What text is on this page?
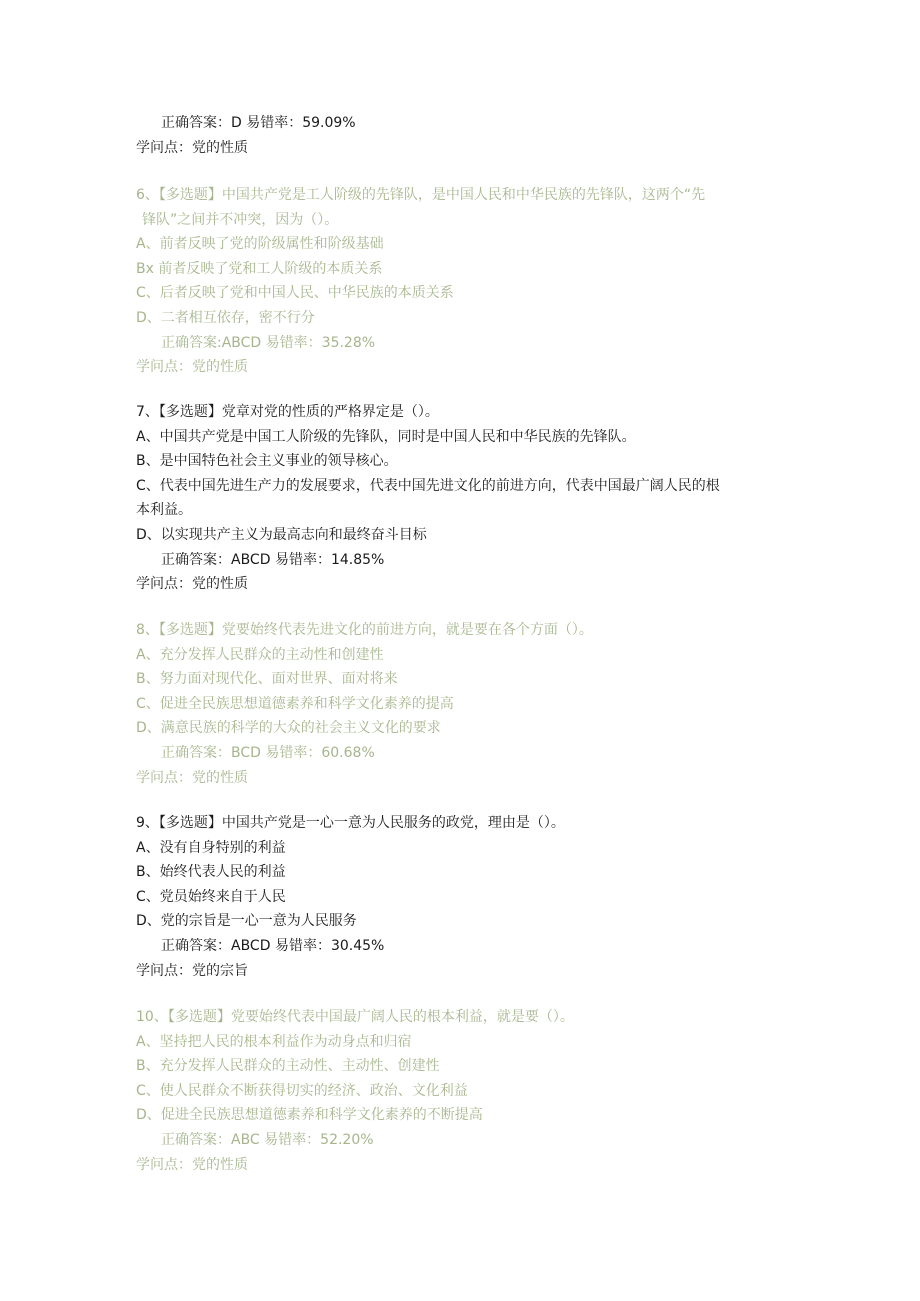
正确答案：D 易错率：59.09%
学问点：党的性质
6、【多选题】中国共产党是工人阶级的先锋队，是中国人民和中华民族的先锋队，这两个“先
锋队”之间并不冲突，因为（）。
A、前者反映了党的阶级属性和阶级基础
Bx 前者反映了党和工人阶级的本质关系
C、后者反映了党和中国人民、中华民族的本质关系
D、二者相互依存，密不行分
正确答案:ABCD 易错率：35.28%
学问点：党的性质
7、【多选题】党章对党的性质的严格界定是（）。
A、中国共产党是中国工人阶级的先锋队，同时是中国人民和中华民族的先锋队。
B、是中国特色社会主义事业的领导核心。
C、代表中国先进生产力的发展要求，代表中国先进文化的前进方向，代表中国最广阔人民的根
本利益。
D、以实现共产主义为最高志向和最终奋斗目标
正确答案：ABCD 易错率：14.85%
学问点：党的性质
8、【多选题】党要始终代表先进文化的前进方向，就是要在各个方面（）。
A、充分发挥人民群众的主动性和创建性
B、努力面对现代化、面对世界、面对将来
C、促进全民族思想道德素养和科学文化素养的提高
D、满意民族的科学的大众的社会主义文化的要求
正确答案：BCD 易错率：60.68%
学问点：党的性质
9、【多选题】中国共产党是一心一意为人民服务的政党，理由是（）。
A、没有自身特别的利益
B、始终代表人民的利益
C、党员始终来自于人民
D、党的宗旨是一心一意为人民服务
正确答案：ABCD 易错率：30.45%
学问点：党的宗旨
10、【多选题】党要始终代表中国最广阔人民的根本利益，就是要（）。
A、坚持把人民的根本利益作为动身点和归宿
B、充分发挥人民群众的主动性、主动性、创建性
C、使人民群众不断获得切实的经济、政治、文化利益
D、促进全民族思想道德素养和科学文化素养的不断提高
正确答案：ABC 易错率：52.20%
学问点：党的性质
